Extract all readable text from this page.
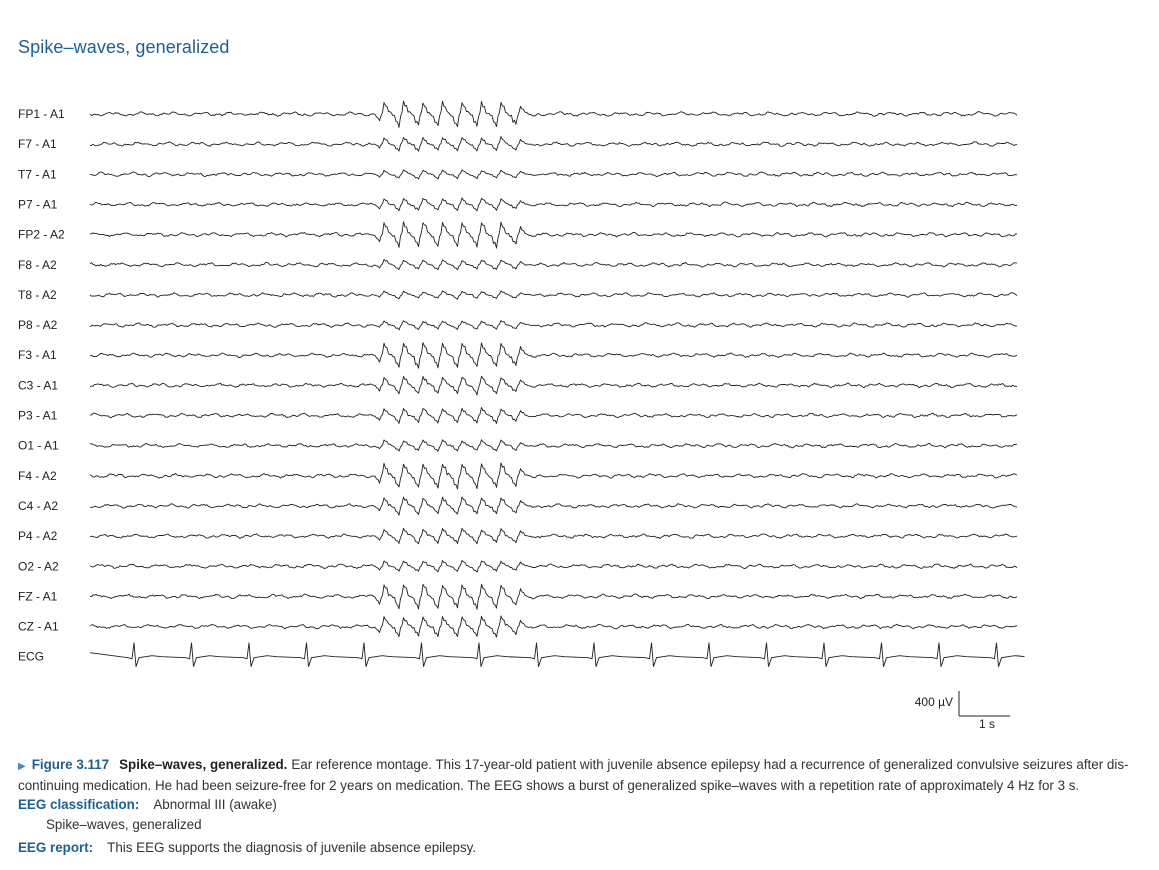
Spike–waves, generalized
FP1 - A1
F7 - A1
T7 - A1
P7 - A1
FP2 - A2
F8 - A2
T8 - A2
P8 - A2
F3 - A1
C3 - A1
P3 - A1
O1 - A1
F4 - A2
C4 - A2
P4 - A2
O2 - A2
FZ - A1
CZ - A1
ECG
400 µV
1 s

▶ Figure 3.117 Spike–waves, generalized. Ear reference montage. This 17-year-old patient with juvenile absence epilepsy had a recurrence of generalized convulsive seizures after dis-continuing medication. He had been seizure-free for 2 years on medication. The EEG shows a burst of generalized spike–waves with a repetition rate of approximately 4 Hz for 3 s.

EEG classification: Abnormal III (awake)
Spike–waves, generalized
EEG report: This EEG supports the diagnosis of juvenile absence epilepsy.
